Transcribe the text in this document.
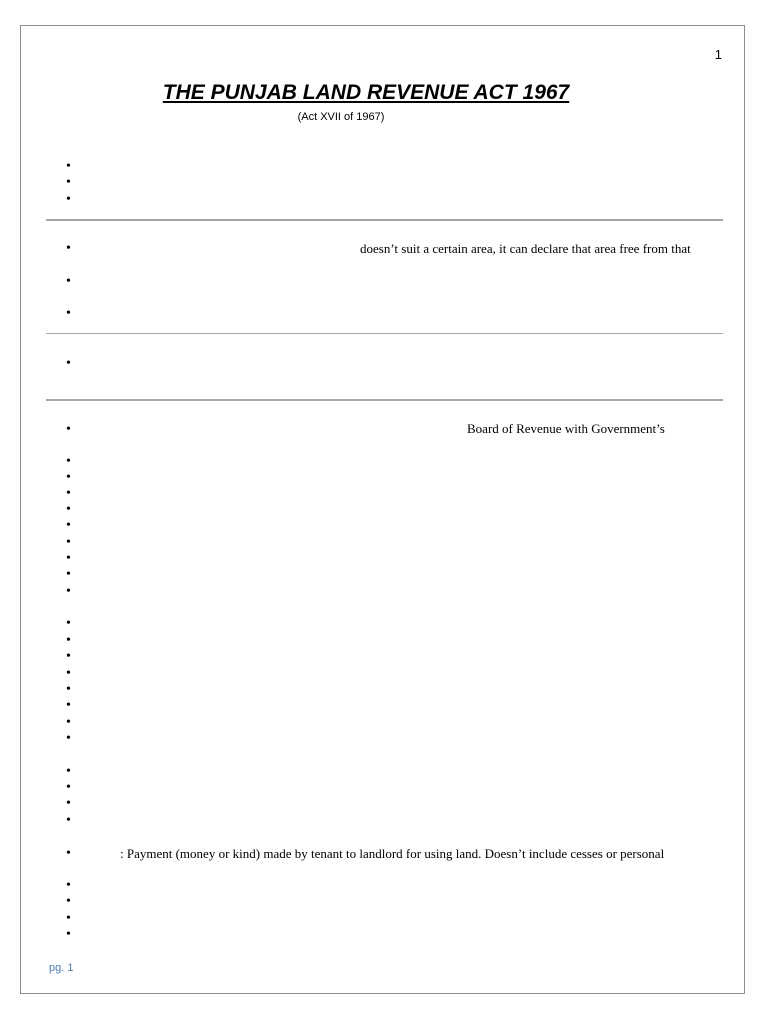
1
THE PUNJAB LAND REVENUE ACT 1967
(Act XVII of 1967)
•
•
•
•	doesn’t suit a certain area, it can declare that area free from that
•
•
•
•	Board of Revenue with Government’s
•
•
•
•
•
•
•
•
•
•
•
•
•
•
•
•
•
•
•
•
•
•	: Payment (money or kind) made by tenant to landlord for using land. Doesn’t include cesses or personal
•
•
•
•
pg. 1
